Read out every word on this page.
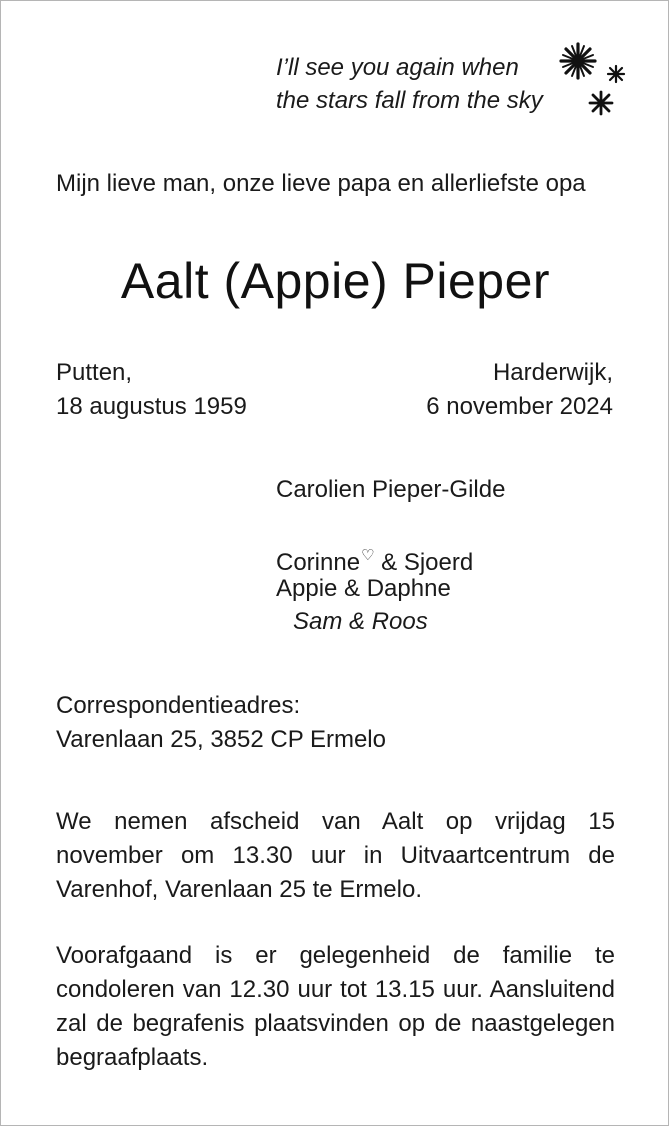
I’ll see you again when
the stars fall from the sky
Mijn lieve man, onze lieve papa en allerliefste opa
Aalt (Appie) Pieper
Putten,
18 augustus 1959
Harderwijk,
6 november 2024
Carolien Pieper-Gilde
Corinne♡ & Sjoerd
Appie & Daphne
Sam & Roos
Correspondentieadres:
Varenlaan 25, 3852 CP Ermelo
We nemen afscheid van Aalt op vrijdag 15 november om 13.30 uur in Uitvaartcentrum de Varenhof, Varenlaan 25 te Ermelo.
Voorafgaand is er gelegenheid de familie te condoleren van 12.30 uur tot 13.15 uur. Aansluitend zal de begrafenis plaatsvinden op de naastgelegen begraafplaats.
